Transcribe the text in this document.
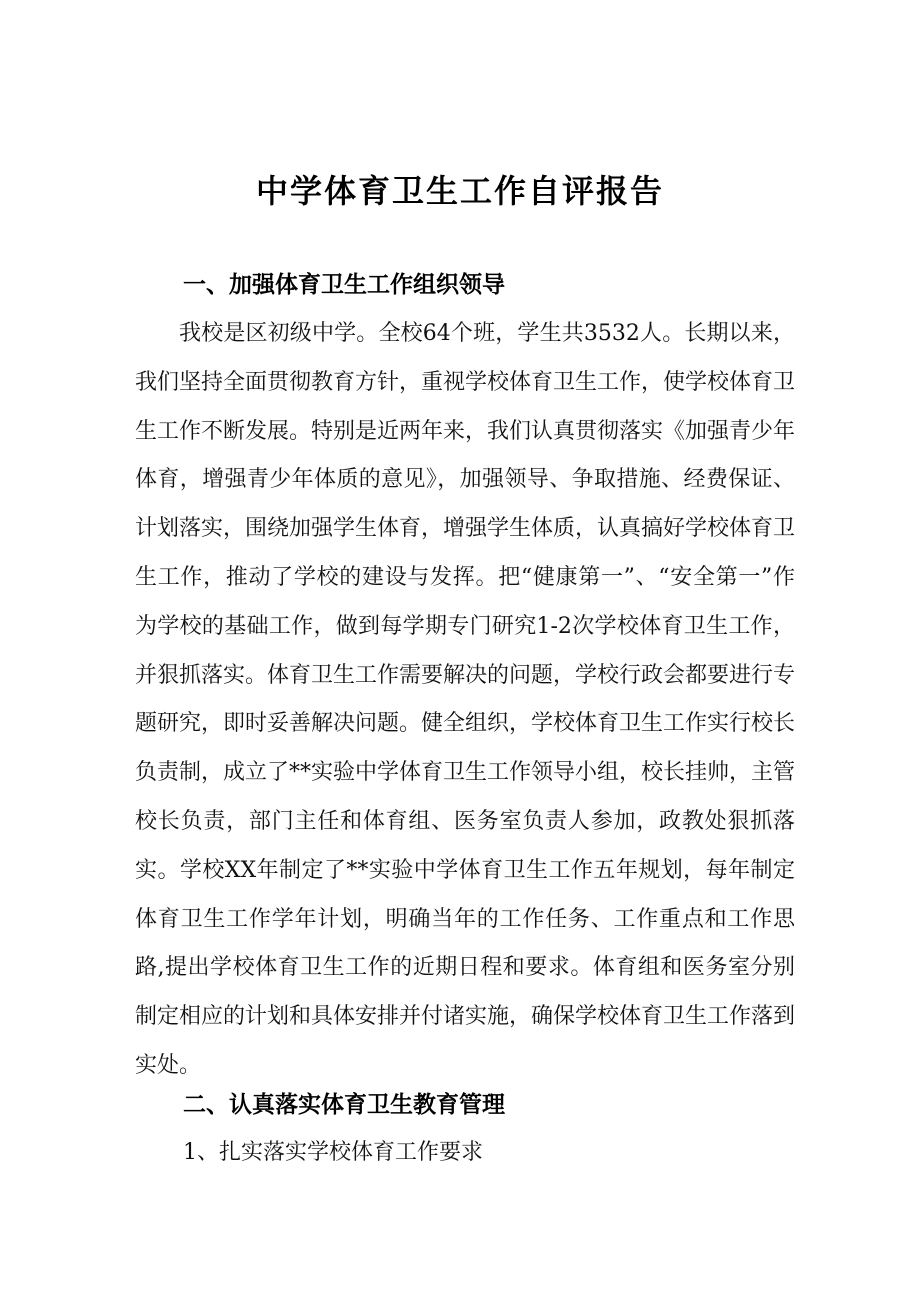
中学体育卫生工作自评报告
一、加强体育卫生工作组织领导

我校是区初级中学。全校64个班，学生共3532人。长期以来，我们坚持全面贯彻教育方针，重视学校体育卫生工作，使学校体育卫生工作不断发展。特别是近两年来，我们认真贯彻落实《加强青少年体育，增强青少年体质的意见》，加强领导、争取措施、经费保证、计划落实，围绕加强学生体育，增强学生体质，认真搞好学校体育卫生工作，推动了学校的建设与发挥。把“健康第一”、“安全第一”作为学校的基础工作，做到每学期专门研究1-2次学校体育卫生工作，并狠抓落实。体育卫生工作需要解决的问题，学校行政会都要进行专题研究，即时妥善解决问题。健全组织，学校体育卫生工作实行校长负责制，成立了**实验中学体育卫生工作领导小组，校长挂帅，主管校长负责，部门主任和体育组、医务室负责人参加，政教处狠抓落实。学校XX年制定了**实验中学体育卫生工作五年规划，每年制定体育卫生工作学年计划，明确当年的工作任务、工作重点和工作思路,提出学校体育卫生工作的近期日程和要求。体育组和医务室分别制定相应的计划和具体安排并付诸实施，确保学校体育卫生工作落到实处。

二、认真落实体育卫生教育管理
1、扎实落实学校体育工作要求
